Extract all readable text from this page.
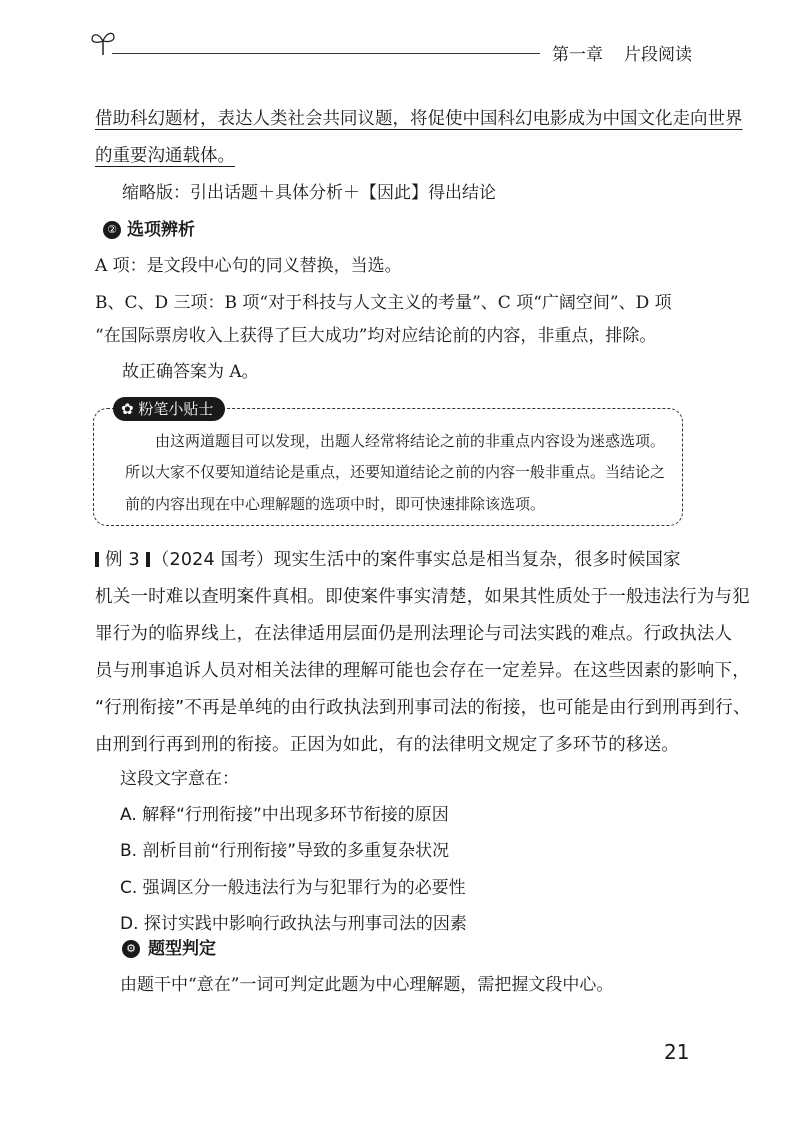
第一章 片段阅读
借助科幻题材，表达人类社会共同议题，将促使中国科幻电影成为中国文化走向世界
的重要沟通载体。
缩略版：引出话题＋具体分析＋【因此】得出结论
② 选项辨析
A 项：是文段中心句的同义替换，当选。
B、C、D 三项：B 项“对于科技与人文主义的考量”、C 项“广阔空间”、D 项
“在国际票房收入上获得了巨大成功”均对应结论前的内容，非重点，排除。
故正确答案为 A。
✿ 粉笔小贴士
由这两道题目可以发现，出题人经常将结论之前的非重点内容设为迷惑选项。
所以大家不仅要知道结论是重点，还要知道结论之前的内容一般非重点。当结论之
前的内容出现在中心理解题的选项中时，即可快速排除该选项。
例 3 （2024 国考）现实生活中的案件事实总是相当复杂，很多时候国家
机关一时难以查明案件真相。即使案件事实清楚，如果其性质处于一般违法行为与犯
罪行为的临界线上，在法律适用层面仍是刑法理论与司法实践的难点。行政执法人
员与刑事追诉人员对相关法律的理解可能也会存在一定差异。在这些因素的影响下，
“行刑衔接”不再是单纯的由行政执法到刑事司法的衔接，也可能是由行到刑再到行、
由刑到行再到刑的衔接。正因为如此，有的法律明文规定了多环节的移送。
这段文字意在：
A. 解释“行刑衔接”中出现多环节衔接的原因
B. 剖析目前“行刑衔接”导致的多重复杂状况
C. 强调区分一般违法行为与犯罪行为的必要性
D. 探讨实践中影响行政执法与刑事司法的因素
⚙ 题型判定
由题干中“意在”一词可判定此题为中心理解题，需把握文段中心。
21
